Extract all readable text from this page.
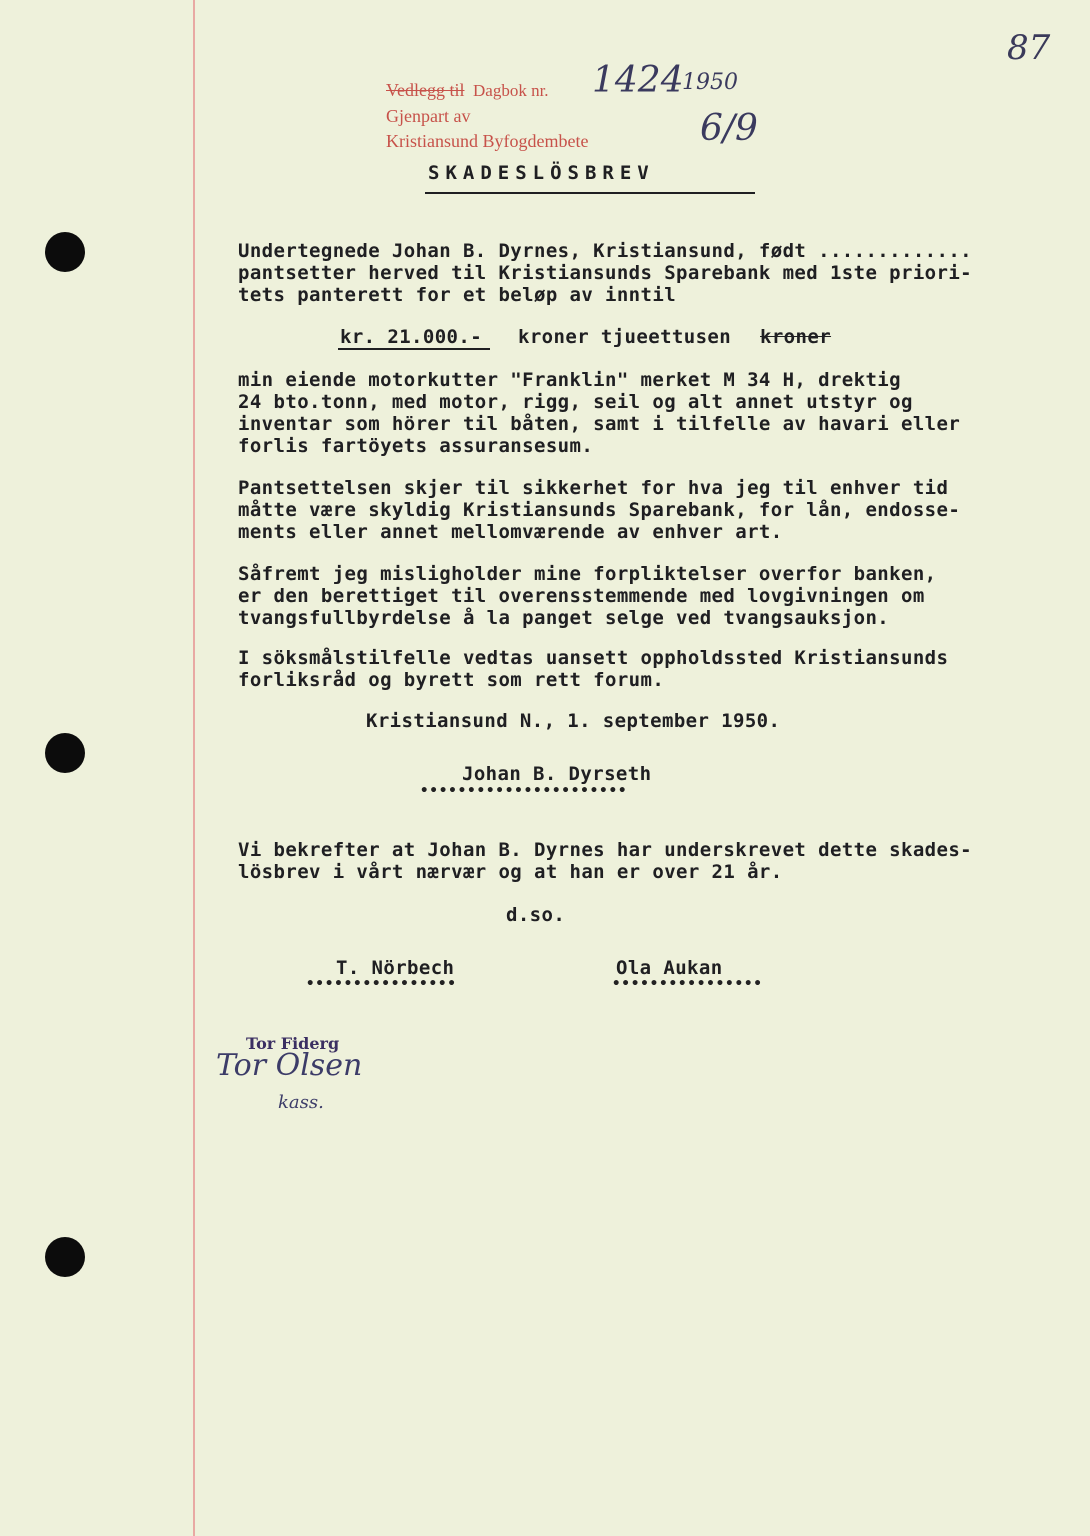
87
Vedlegg til Dagbok nr. 1424
1950
Gjenpart av
Kristiansund Byfogdembete	6/9
SKADESLÖSBREV
Undertegnede Johan B. Dyrnes, Kristiansund, født .............
pantsetter herved til Kristiansunds Sparebank med 1ste priori-
tets panterett for et beløp av inntil
kr. 21.000.- kroner tjueettusen kroner
min eiende motorkutter "Franklin" merket M 34 H, drektig
24 bto.tonn, med motor, rigg, seil og alt annet utstyr og
inventar som hörer til båten, samt i tilfelle av havari eller
forlis fartöyets assuransesum.
Pantsettelsen skjer til sikkerhet for hva jeg til enhver tid
måtte være skyldig Kristiansunds Sparebank, for lån, endosse-
ments eller annet mellomværende av enhver art.
Såfremt jeg misligholder mine forpliktelser overfor banken,
er den berettiget til overensstemmende med lovgivningen om
tvangsfullbyrdelse å la panget selge ved tvangsauksjon.
I söksmålstilfelle vedtas uansett oppholdssted Kristiansunds
forliksråd og byrett som rett forum.
Kristiansund N., 1. september 1950.
Johan B. Dyrseth
••••••••••••••••••••••
Vi bekrefter at Johan B. Dyrnes har underskrevet dette skades-
lösbrev i vårt nærvær og at han er over 21 år.
d.so.
T. Nörbech
••••••••••••••••
Ola Aukan
••••••••••••••••
Tor Fiderg
Tor Olsen
kass.
